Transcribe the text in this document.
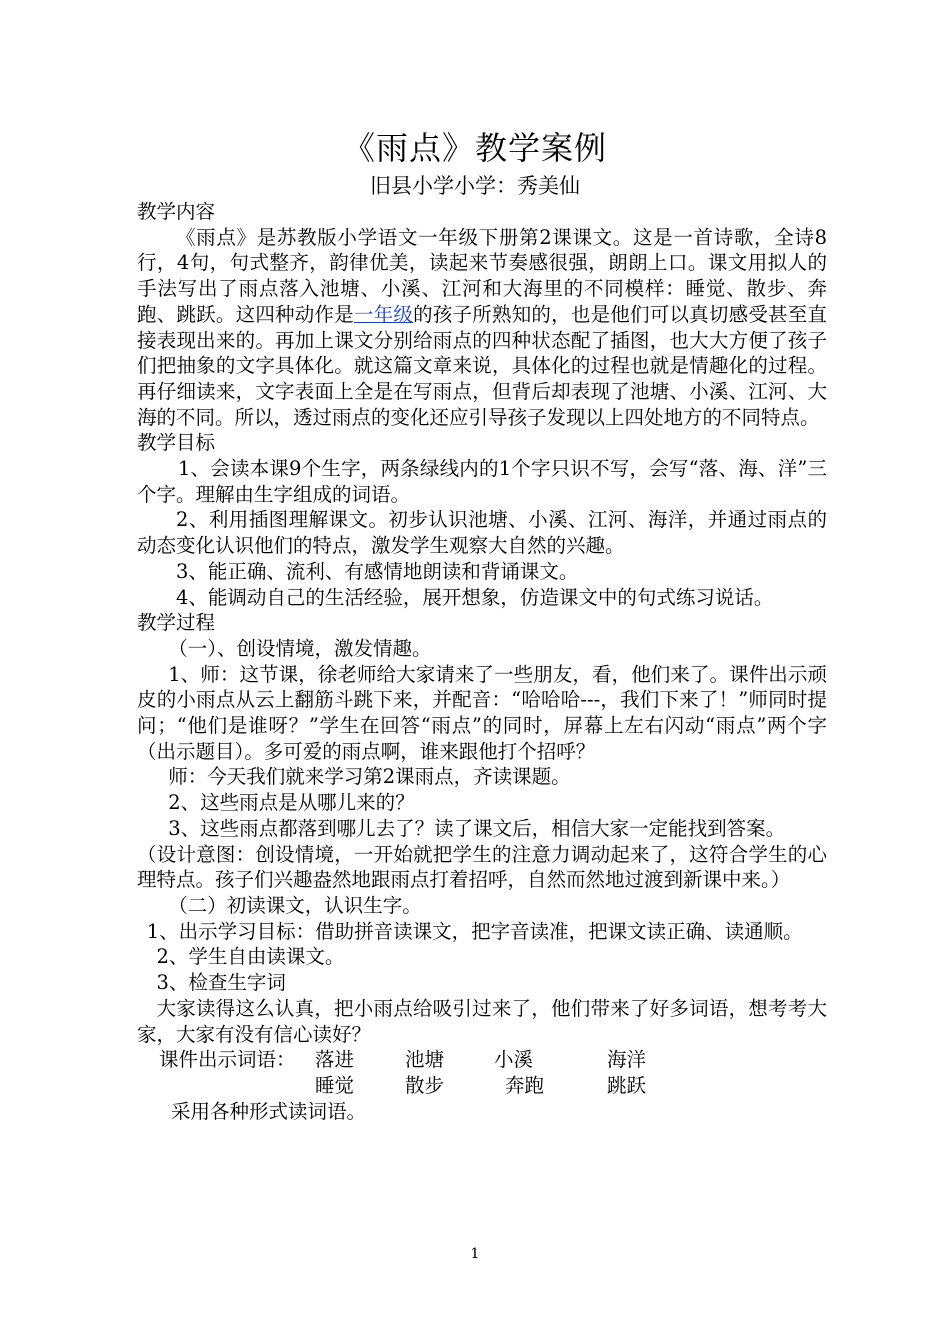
《雨点》教学案例
旧县小学小学：秀美仙

教学内容

《雨点》是苏教版小学语文一年级下册第2课课文。这是一首诗歌，全诗8行，4句，句式整齐，韵律优美，读起来节奏感很强，朗朗上口。课文用拟人的手法写出了雨点落入池塘、小溪、江河和大海里的不同模样：睡觉、散步、奔跑、跳跃。这四种动作是一年级的孩子所熟知的，也是他们可以真切感受甚至直接表现出来的。再加上课文分别给雨点的四种状态配了插图，也大大方便了孩子们把抽象的文字具体化。就这篇文章来说，具体化的过程也就是情趣化的过程。再仔细读来，文字表面上全是在写雨点，但背后却表现了池塘、小溪、江河、大海的不同。所以，透过雨点的变化还应引导孩子发现以上四处地方的不同特点。

教学目标

1、会读本课9个生字，两条绿线内的1个字只识不写，会写“落、海、洋”三个字。理解由生字组成的词语。

2、利用插图理解课文。初步认识池塘、小溪、江河、海洋，并通过雨点的动态变化认识他们的特点，激发学生观察大自然的兴趣。

3、能正确、流利、有感情地朗读和背诵课文。

4、能调动自己的生活经验，展开想象，仿造课文中的句式练习说话。

教学过程

（一）、创设情境，激发情趣。

1、师：这节课，徐老师给大家请来了一些朋友，看，他们来了。课件出示顽皮的小雨点从云上翻筋斗跳下来，并配音：“哈哈哈---，我们下来了！”师同时提问；“他们是谁呀？”学生在回答“雨点”的同时，屏幕上左右闪动“雨点”两个字（出示题目）。多可爱的雨点啊，谁来跟他打个招呼？

师：今天我们就来学习第2课雨点，齐读课题。

2、这些雨点是从哪儿来的？

3、这些雨点都落到哪儿去了？读了课文后，相信大家一定能找到答案。

（设计意图：创设情境，一开始就把学生的注意力调动起来了，这符合学生的心理特点。孩子们兴趣盎然地跟雨点打着招呼，自然而然地过渡到新课中来。）

（二）初读课文，认识生字。

1、出示学习目标：借助拼音读课文，把字音读准，把课文读正确、读通顺。

2、学生自由读课文。

3、检查生字词

大家读得这么认真，把小雨点给吸引过来了，他们带来了好多词语，想考考大家，大家有没有信心读好？

课件出示词语： 落进	池塘	小溪	海洋
睡觉	散步	奔跑	跳跃

采用各种形式读词语。

1
